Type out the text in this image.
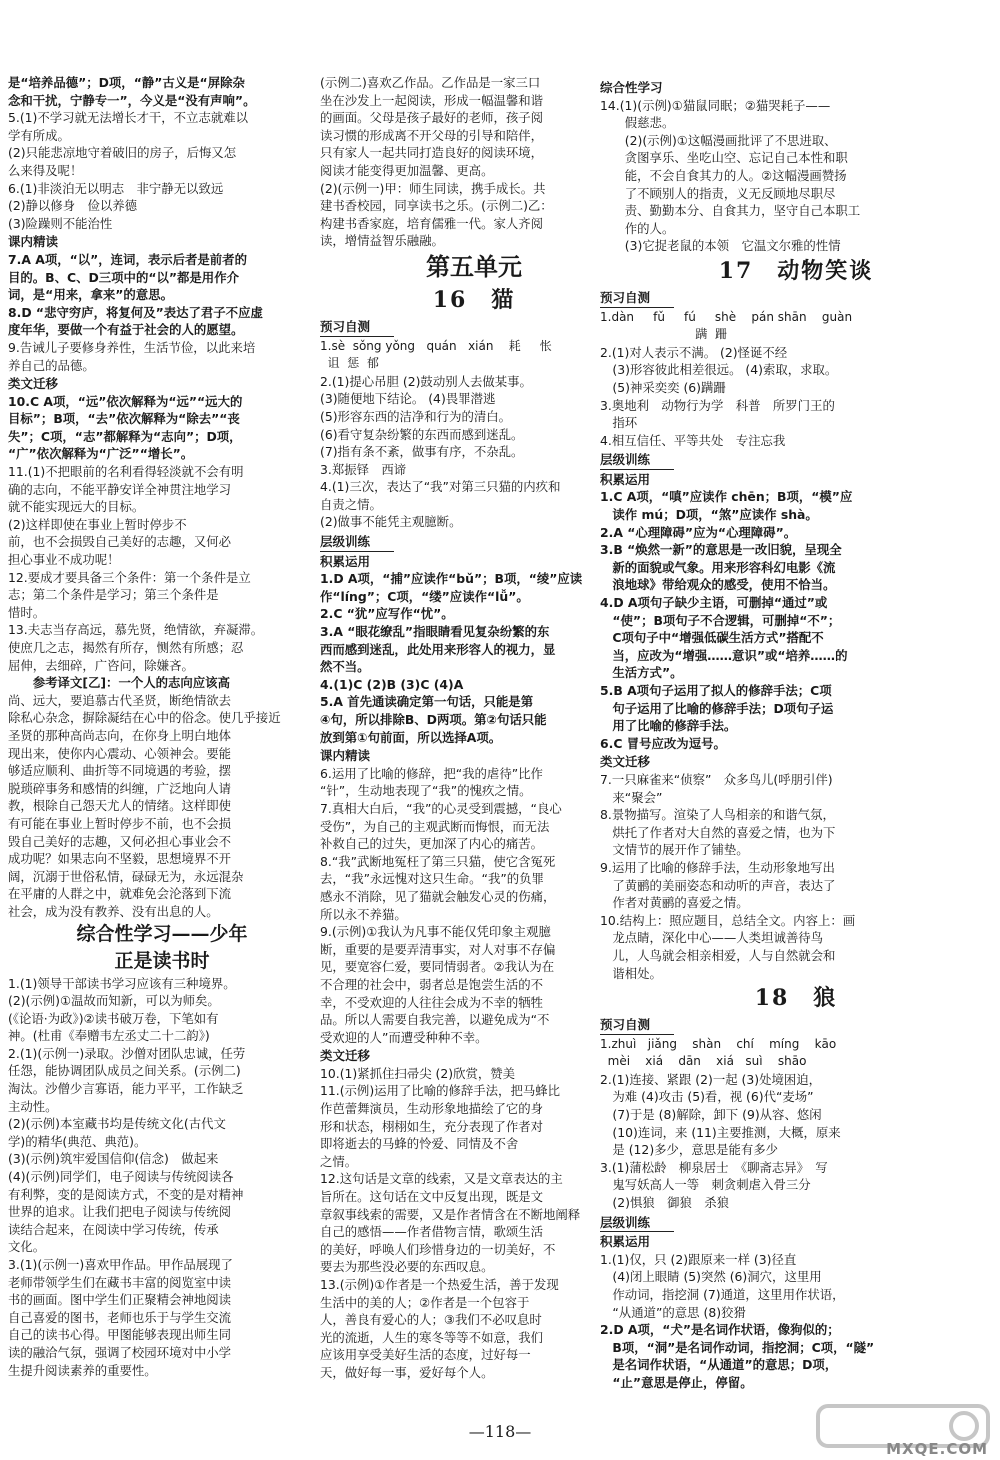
是“培养品德”；D项，“静”古义是“屏除杂
念和干扰，宁静专一”，今义是“没有声响”。
5.(1)不学习就无法增长才干，不立志就难以
学有所成。
(2)只能悲凉地守着破旧的房子，后悔又怎
么来得及呢！
6.(1)非淡泊无以明志　非宁静无以致远
(2)静以修身　俭以养德
(3)险躁则不能治性
课内精读
7.A A项，“以”，连词，表示后者是前者的
目的。B、C、D三项中的“以”都是用作介
词，是“用来，拿来”的意思。
8.D “悲守穷庐，将复何及”表达了君子不应虚
度年华，要做一个有益于社会的人的愿望。
9.告诫儿子要修身养性，生活节俭，以此来培
养自己的品德。
类文迁移
10.C A项，“远”依次解释为“远”“远大的
目标”；B项，“去”依次解释为“除去”“丧
失”；C项，“志”都解释为“志向”；D项，
“广”依次解释为“广泛”“增长”。
11.(1)不把眼前的名利看得轻淡就不会有明
确的志向，不能平静安详全神贯注地学习
就不能实现远大的目标。
(2)这样即使在事业上暂时停步不
前，也不会损毁自己美好的志趣，又何必
担心事业不成功呢！
12.要成才要具备三个条件：第一个条件是立
志；第二个条件是学习；第三个条件是
惜时。
13.夫志当存高远，慕先贤，绝情欲，弃凝滞。
使庶几之志，揭然有所存，恻然有所感；忍
屈伸，去细碎，广咨问，除嫌吝。
　　参考译文[乙]：一个人的志向应该高
尚、远大，要追慕古代圣贤，断绝情欲去
除私心杂念，摒除凝结在心中的俗念。使几乎接近
圣贤的那种高尚志向，在你身上明白地体
现出来，使你内心震动、心领神会。要能
够适应顺利、曲折等不同境遇的考验，摆
脱琐碎事务和感情的纠缠，广泛地向人请
教，根除自己怨天尤人的情绪。这样即使
有可能在事业上暂时停步不前，也不会损
毁自己美好的志趣，又何必担心事业会不
成功呢？如果志向不坚毅，思想境界不开
阔，沉溺于世俗私情，碌碌无为，永远混杂
在平庸的人群之中，就难免会沦落到下流
社会，成为没有教养、没有出息的人。
综合性学习——少年
正是读书时
1.(1)领导干部读书学习应该有三种境界。
(2)(示例)①温故而知新，可以为师矣。
(《论语·为政》)②读书破万卷，下笔如有
神。(杜甫《奉赠韦左丞丈二十二韵》)
2.(1)(示例一)录取。沙僧对团队忠诚，任劳
任怨，能协调团队成员之间关系。(示例二)
淘汰。沙僧少言寡语，能力平平，工作缺乏
主动性。
(2)(示例)本室藏书均是传统文化(古代文
学)的精华(典范、典范)。
(3)(示例)筑牢爱国信仰(信念)　做起来
(4)(示例)同学们，电子阅读与传统阅读各
有利弊，变的是阅读方式，不变的是对精神
世界的追求。让我们把电子阅读与传统阅
读结合起来，在阅读中学习传统，传承
文化。
3.(1)(示例一)喜欢甲作品。甲作品展现了
老师带领学生们在藏书丰富的阅览室中读
书的画面。图中学生们正聚精会神地阅读
自己喜爱的图书，老师也乐于与学生交流
自己的读书心得。甲图能够表现出师生同
读的融洽气氛，强调了校园环境对中小学
生提升阅读素养的重要性。
(示例二)喜欢乙作品。乙作品是一家三口
坐在沙发上一起阅读，形成一幅温馨和谐
的画面。父母是孩子最好的老师，孩子阅
读习惯的形成离不开父母的引导和陪伴，
只有家人一起共同打造良好的阅读环境，
阅读才能变得更加温馨、更高。
(2)(示例一)甲：师生同读，携手成长。共
建书香校园，同享读书之乐。(示例二)乙：
构建书香家庭，培育儒雅一代。家人齐阅
读，增情益智乐融融。
第五单元
16　猫
预习自测
1.sè  sǒng yǒng   quán   xián    耗     怅
诅  惩  郁
2.(1)提心吊胆 (2)鼓动别人去做某事。
(3)随便地下结论。 (4)畏罪潜逃
(5)形容东西的洁净和行为的清白。
(6)看守复杂纷繁的东西而感到迷乱。
(7)指有条不紊，做事有序，不杂乱。
3.郑振铎　西谛
4.(1)三次，表达了“我”对第三只猫的内疚和
自责之情。
(2)做事不能凭主观臆断。
层级训练
积累运用
1.D A项，“捕”应读作“bǔ”；B项，“绫”应读
作“líng”；C项，“缕”应读作“lǚ”。
2.C “犹”应写作“忧”。
3.A “眼花缭乱”指眼睛看见复杂纷繁的东
西而感到迷乱，此处用来形容人的视力，显
然不当。
4.(1)C (2)B (3)C (4)A
5.A 首先通读确定第一句话，只能是第
④句，所以排除B、D两项。第②句话只能
放到第①句前面，所以选择A项。
课内精读
6.运用了比喻的修辞，把“我的虐待”比作
“针”，生动地表现了“我”的愧疚之情。
7.真相大白后，“我”的心灵受到震撼，“良心
受伤”，为自己的主观武断而悔恨，而无法
补救自己的过失，更加深了内心的痛苦。
8.“我”武断地冤枉了第三只猫，使它含冤死
去，“我”永远愧对这只生命。“我”的负罪
感永不消除，见了猫就会触发心灵的伤痛，
所以永不养猫。
9.(示例)①我认为凡事不能仅凭印象主观臆
断，重要的是要弄清事实，对人对事不存偏
见，要宽容仁爱，要同情弱者。②我认为在
不合理的社会中，弱者总是饱尝生活的不
幸，不受欢迎的人往往会成为不幸的牺牲
品。所以人需要自我完善，以避免成为“不
受欢迎的人”而遭受种种不幸。
类文迁移
10.(1)紧抓住扫帚尖 (2)欣赏，赞美
11.(示例)运用了比喻的修辞手法，把马蜂比
作芭蕾舞演员，生动形象地描绘了它的身
形和状态，栩栩如生，充分表现了作者对
即将逝去的马蜂的怜爱、同情及不舍
之情。
12.这句话是文章的线索，又是文章表达的主
旨所在。这句话在文中反复出现，既是文
章叙事线索的需要，又是作者情含在不断地阐释
自己的感悟——作者借物言情，歌颂生活
的美好，呼唤人们珍惜身边的一切美好，不
要去为那些没必要的东西叹息。
13.(示例)①作者是一个热爱生活，善于发现
生活中的美的人；②作者是一个包容于
人，善良有爱心的人；③我们不必叹息时
光的流逝，人生的寒冬等等不如意，我们
应该用享受美好生活的态度，过好每一
天，做好每一事，爱好每个人。
综合性学习
14.(1)(示例)①猫鼠同眠；②猫哭耗子——
　　假慈悲。
　　(2)(示例)①这幅漫画批评了不思进取、
　　贪图享乐、坐吃山空、忘记自己本性和职
　　能，不会自食其力的人。②这幅漫画赞扬
　　了不顾别人的指责，义无反顾地尽职尽
　　责、勤勤本分、自食其力，坚守自己本职工
　　作的人。
　　(3)它捉老鼠的本领　它温文尔雅的性情
17　动物笑谈
预习自测
1.dàn     fǔ     fú     shè    pán shān    guàn
蹒  跚
2.(1)对人表示不满。 (2)怪诞不经
　(3)形容彼此相差很远。 (4)索取，求取。
　(5)神采奕奕 (6)蹒跚
3.奥地利　动物行为学　科普　所罗门王的
　指环
4.相互信任、平等共处　专注忘我
层级训练
积累运用
1.C A项，“嗔”应读作 chēn；B项，“模”应
　读作 mú；D项，“煞”应读作 shà。
2.A “心理障碍”应为“心理障碍”。
3.B “焕然一新”的意思是一改旧貌，呈现全
　新的面貌或气象。用来形容科幻电影《流
　浪地球》带给观众的感受，使用不恰当。
4.D A项句子缺少主语，可删掉“通过”或
　“使”；B项句子不合逻辑，可删掉“不”；
　C项句子中“增强低碳生活方式”搭配不
　当，应改为“增强……意识”或“培养……的
　生活方式”。
5.B A项句子运用了拟人的修辞手法；C项
　句子运用了比喻的修辞手法；D项句子运
　用了比喻的修辞手法。
6.C 冒号应改为逗号。
类文迁移
7.一只麻雀来“侦察”　众多鸟儿(呼朋引伴)
　来“聚会”
8.景物描写。渲染了人鸟相亲的和谐气氛，
　烘托了作者对大自然的喜爱之情，也为下
　文情节的展开作了铺垫。
9.运用了比喻的修辞手法，生动形象地写出
　了黄鹂的美丽姿态和动听的声音，表达了
　作者对黄鹂的喜爱之情。
10.结构上：照应题目，总结全文。内容上：画
　龙点睛，深化中心——人类坦诚善待鸟
　儿，人鸟就会相亲相爱，人与自然就会和
　谐相处。
18　狼
预习自测
1.zhuì   jiǎng    shàn    chí    míng    kāo
mèi    xiá    dān    xiá   suì    shāo
2.(1)连接、紧跟 (2)一起 (3)处境困迫，
　为难 (4)攻击 (5)看，视 (6)代“麦场”
　(7)于是 (8)解除，卸下 (9)从容、悠闲
　(10)连词，来 (11)主要推测，大概，原来
　是 (12)多少，意思是能有多少
3.(1)蒲松龄　柳泉居士　《聊斋志异》　写
　鬼写妖高人一等　刺贪刺虐入骨三分
　(2)惧狼　御狼　杀狼
层级训练
积累运用
1.(1)仅，只 (2)跟原来一样 (3)径直
　(4)闭上眼睛 (5)突然 (6)洞穴，这里用
　作动词，指挖洞 (7)通道，这里用作状语，
　“从通道”的意思 (8)狡猾
2.D A项，“犬”是名词作状语，像狗似的；
　B项，“洞”是名词作动词，指挖洞；C项，“隧”
　是名词作状语，“从通道”的意思；D项，
　“止”意思是停止，停留。
—118—
MXQE.COM
